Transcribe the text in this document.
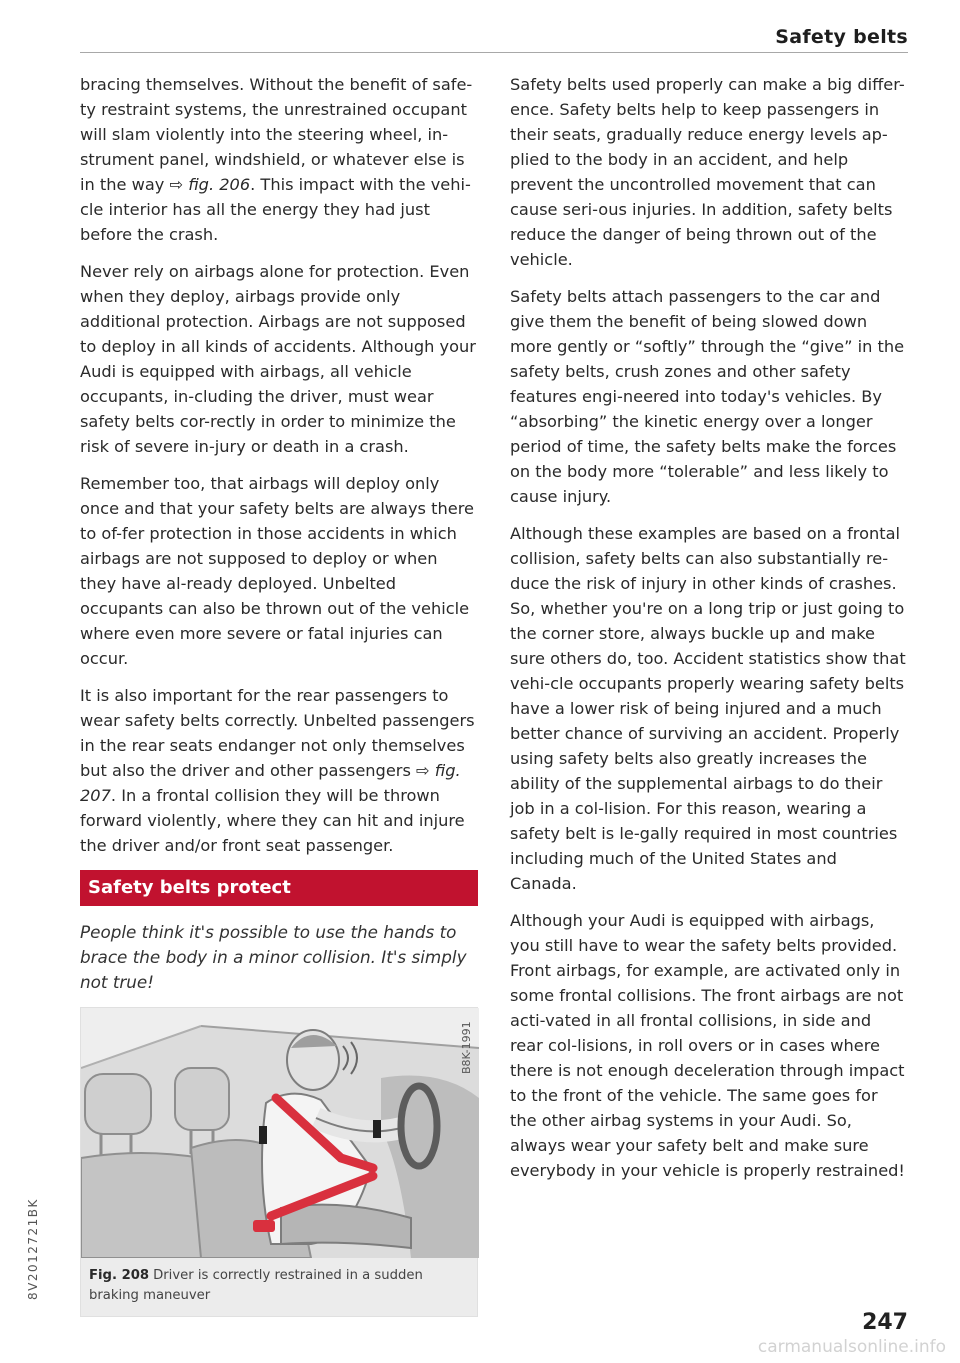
Safety belts
8V2012721BK

bracing themselves. Without the benefit of safe-ty restraint systems, the unrestrained occupant will slam violently into the steering wheel, in-strument panel, windshield, or whatever else is in the way ⇨ fig. 206. This impact with the vehi-cle interior has all the energy they had just before the crash.

Never rely on airbags alone for protection. Even when they deploy, airbags provide only additional protection. Airbags are not supposed to deploy in all kinds of accidents. Although your Audi is equipped with airbags, all vehicle occupants, in-cluding the driver, must wear safety belts cor-rectly in order to minimize the risk of severe in-jury or death in a crash.

Remember too, that airbags will deploy only once and that your safety belts are always there to of-fer protection in those accidents in which airbags are not supposed to deploy or when they have al-ready deployed. Unbelted occupants can also be thrown out of the vehicle where even more severe or fatal injuries can occur.

It is also important for the rear passengers to wear safety belts correctly. Unbelted passengers in the rear seats endanger not only themselves but also the driver and other passengers ⇨ fig. 207. In a frontal collision they will be thrown forward violently, where they can hit and injure the driver and/or front seat passenger.

Safety belts protect

People think it's possible to use the hands to brace the body in a minor collision. It's simply not true!

B8K-1991
Fig. 208 Driver is correctly restrained in a sudden braking maneuver

Safety belts used properly can make a big differ-ence. Safety belts help to keep passengers in their seats, gradually reduce energy levels ap-plied to the body in an accident, and help prevent the uncontrolled movement that can cause seri-ous injuries. In addition, safety belts reduce the danger of being thrown out of the vehicle.

Safety belts attach passengers to the car and give them the benefit of being slowed down more gently or “softly” through the “give” in the safety belts, crush zones and other safety features engi-neered into today's vehicles. By “absorbing” the kinetic energy over a longer period of time, the safety belts make the forces on the body more “tolerable” and less likely to cause injury.

Although these examples are based on a frontal collision, safety belts can also substantially re-duce the risk of injury in other kinds of crashes. So, whether you're on a long trip or just going to the corner store, always buckle up and make sure others do, too. Accident statistics show that vehi-cle occupants properly wearing safety belts have a lower risk of being injured and a much better chance of surviving an accident. Properly using safety belts also greatly increases the ability of the supplemental airbags to do their job in a col-lision. For this reason, wearing a safety belt is le-gally required in most countries including much of the United States and Canada.

Although your Audi is equipped with airbags, you still have to wear the safety belts provided. Front airbags, for example, are activated only in some frontal collisions. The front airbags are not acti-vated in all frontal collisions, in side and rear col-lisions, in roll overs or in cases where there is not enough deceleration through impact to the front of the vehicle. The same goes for the other airbag systems in your Audi. So, always wear your safety belt and make sure everybody in your vehicle is properly restrained!

247
carmanualsonline.info
